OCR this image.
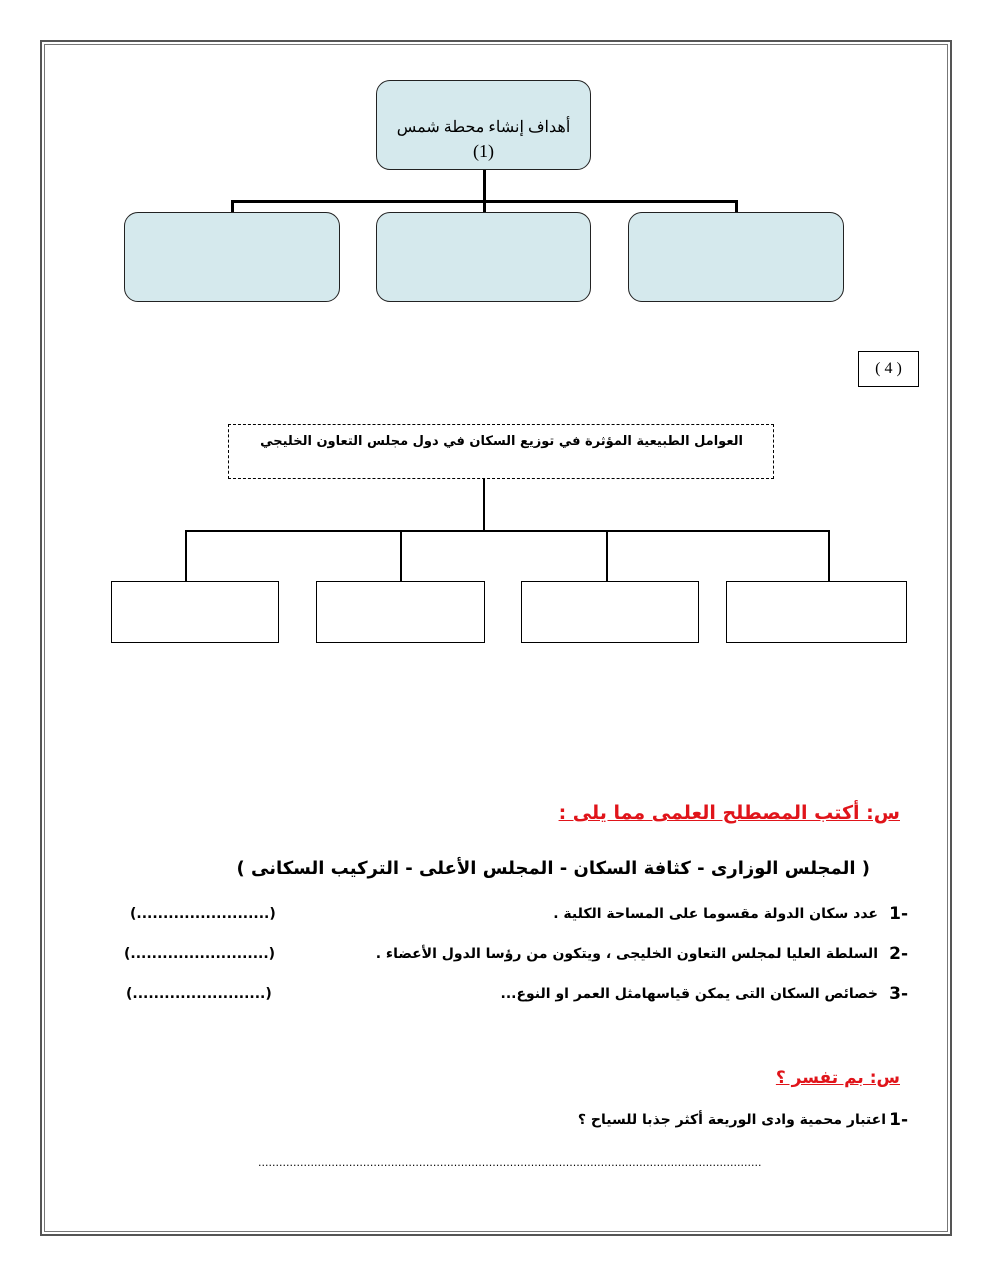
أهداف إنشاء محطة شمس
(1)
( 4 )
العوامل الطبيعية المؤثرة في توزيع السكان في دول مجلس التعاون الخليجي
س: أكتب المصطلح العلمى مما يلى :
( المجلس الوزارى - كثافة السكان - المجلس الأعلى - التركيب السكانى )
1-
عدد سكان الدولة مقسوما على المساحة الكلية .
(.........................)
2-
السلطة العليا لمجلس التعاون الخليجى ، ويتكون من رؤسا الدول الأعضاء .
(..........................)
3-
خصائص السكان التى يمكن قياسهامثل العمر او النوع...
(.........................)
س: بم تفسر ؟
1-
اعتبار محمية وادى الوريعة أكثر جذبا للسياح ؟
................................................................................................................................................
